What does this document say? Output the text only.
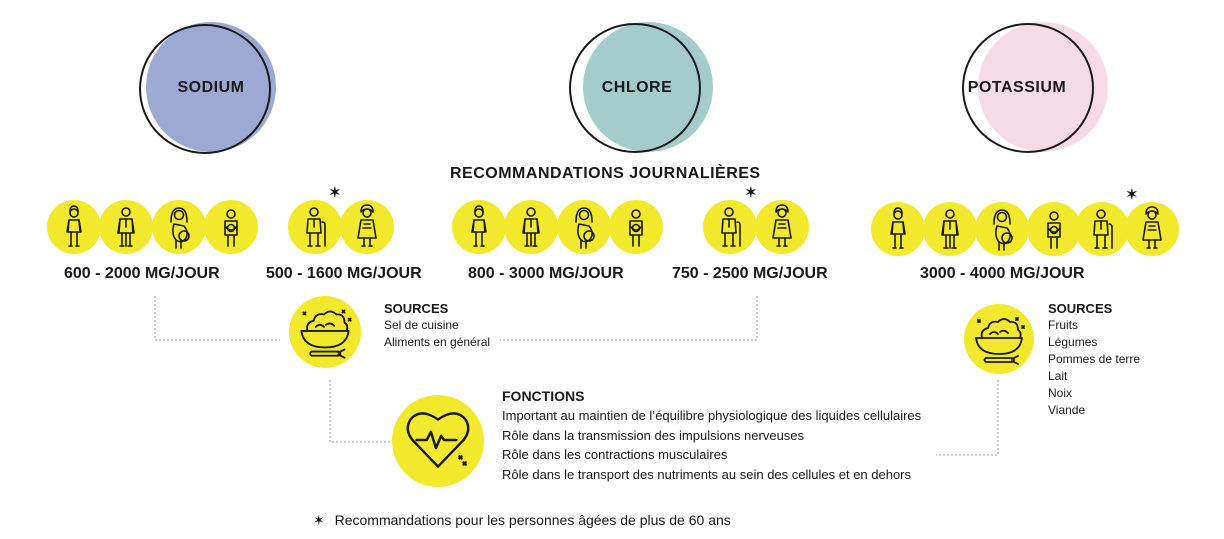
SODIUM	CHLORE	POTASSIUM
RECOMMANDATIONS JOURNALIÈRES
✶	✶	✶
600 - 2000 MG/JOUR	500 - 1600 MG/JOUR	800 - 3000 MG/JOUR	750 - 2500 MG/JOUR	3000 - 4000 MG/JOUR
SOURCES
Sel de cuisine
Aliments en général
SOURCES
Fruits
Légumes
Pommes de terre
Lait
Noix
Viande
FONCTIONS
Important au maintien de l’équilibre physiologique des liquides cellulaires
Rôle dans la transmission des impulsions nerveuses
Rôle dans les contractions musculaires
Rôle dans le transport des nutriments au sein des cellules et en dehors
✶ Recommandations pour les personnes âgées de plus de 60 ans
